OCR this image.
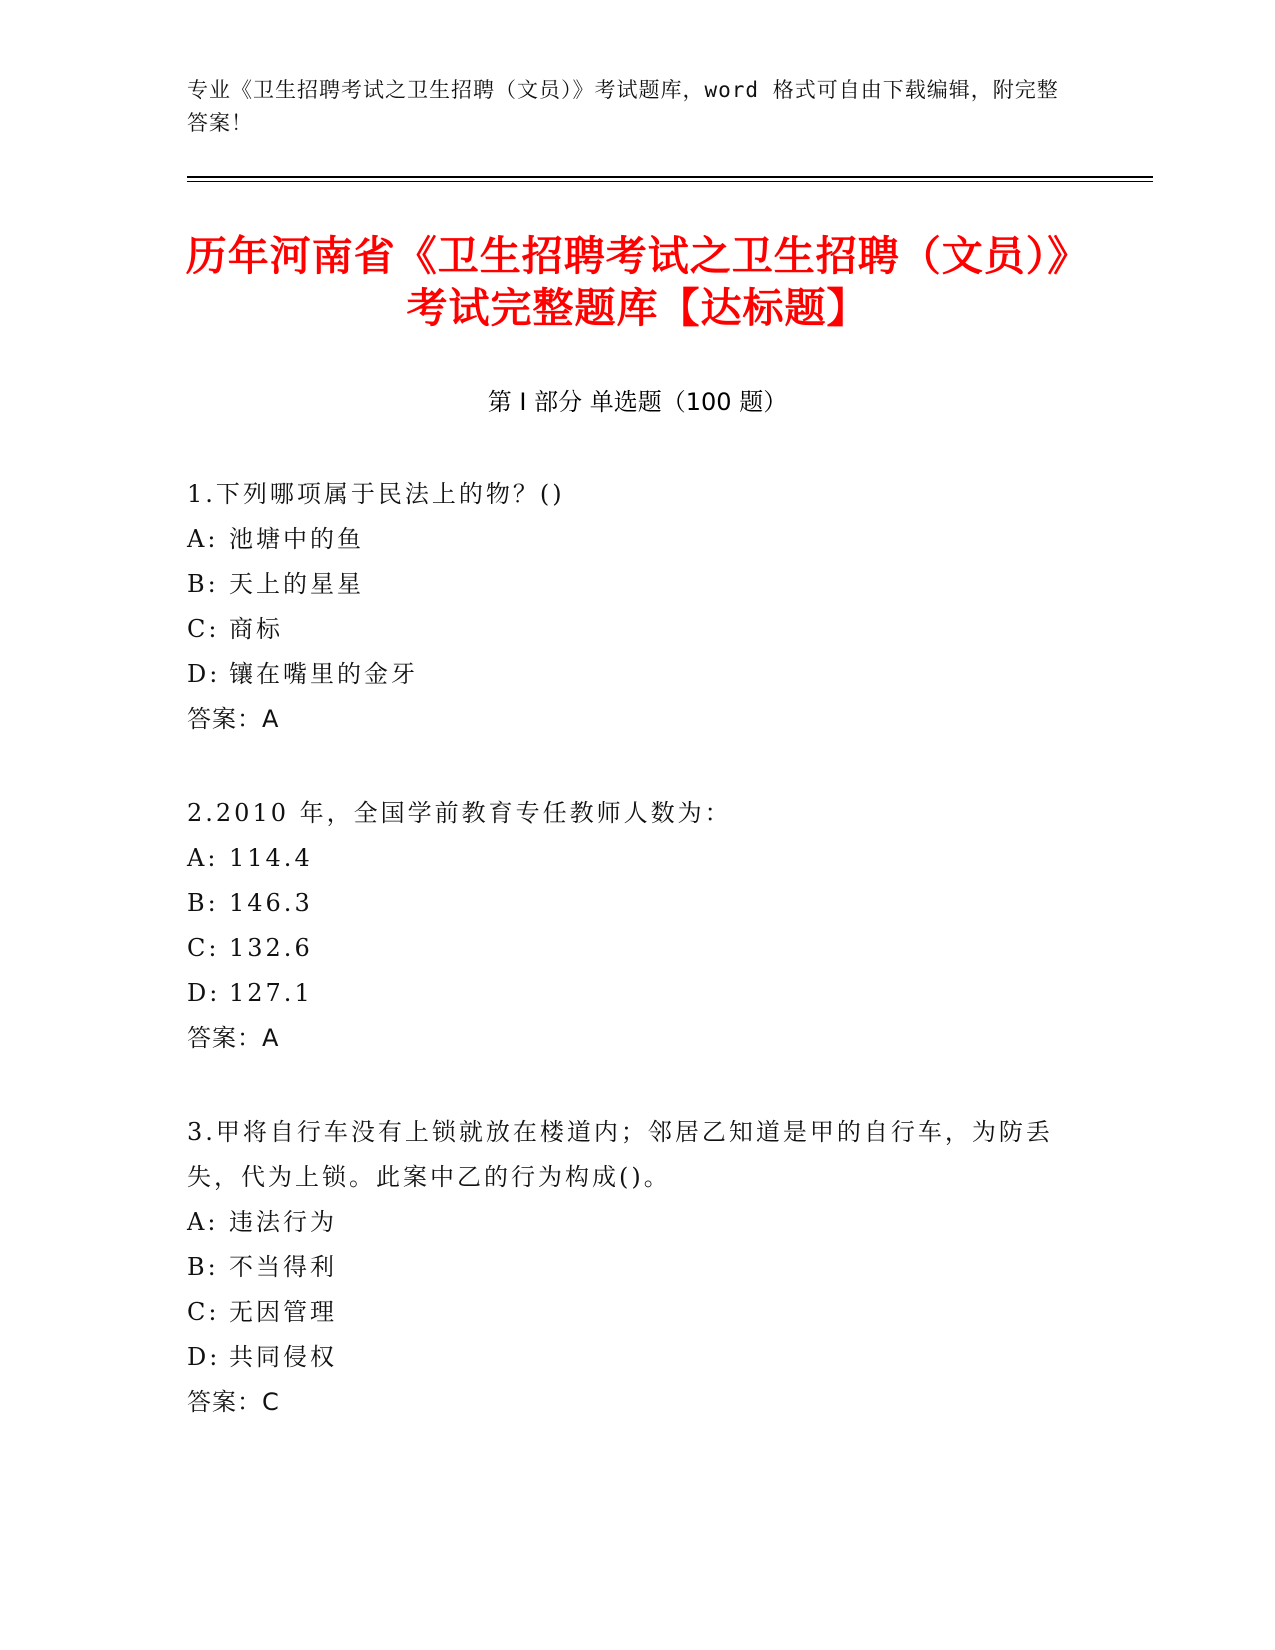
专业《卫生招聘考试之卫生招聘（文员）》考试题库，word 格式可自由下载编辑，附完整答案！
历年河南省《卫生招聘考试之卫生招聘（文员）》考试完整题库【达标题】
第 I 部分 单选题（100 题）
1.下列哪项属于民法上的物？()
A: 池塘中的鱼
B: 天上的星星
C: 商标
D: 镶在嘴里的金牙
答案：A
2.2010 年，全国学前教育专任教师人数为：
A: 114.4
B: 146.3
C: 132.6
D: 127.1
答案：A
3.甲将自行车没有上锁就放在楼道内；邻居乙知道是甲的自行车，为防丢失，代为上锁。此案中乙的行为构成()。
A: 违法行为
B: 不当得利
C: 无因管理
D: 共同侵权
答案：C
